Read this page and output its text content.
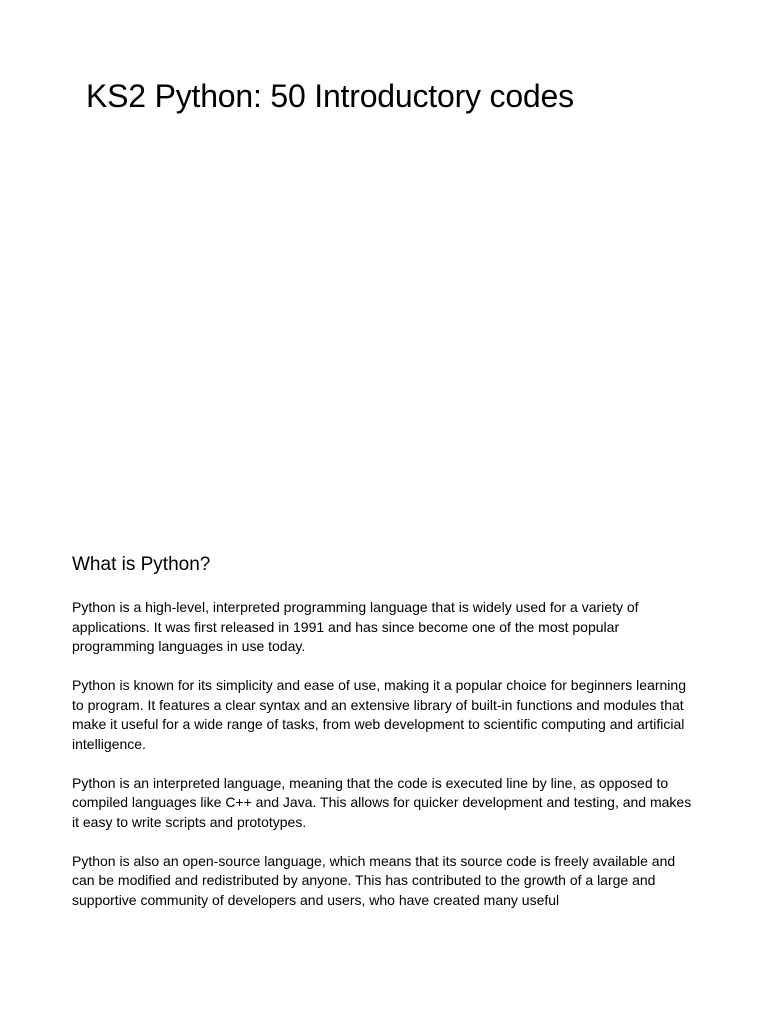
KS2 Python: 50 Introductory codes
What is Python?

Python is a high-level, interpreted programming language that is widely used for a variety of applications. It was first released in 1991 and has since become one of the most popular programming languages in use today.

Python is known for its simplicity and ease of use, making it a popular choice for beginners learning to program. It features a clear syntax and an extensive library of built-in functions and modules that make it useful for a wide range of tasks, from web development to scientific computing and artificial intelligence.

Python is an interpreted language, meaning that the code is executed line by line, as opposed to compiled languages like C++ and Java. This allows for quicker development and testing, and makes it easy to write scripts and prototypes.

Python is also an open-source language, which means that its source code is freely available and can be modified and redistributed by anyone. This has contributed to the growth of a large and supportive community of developers and users, who have created many useful
